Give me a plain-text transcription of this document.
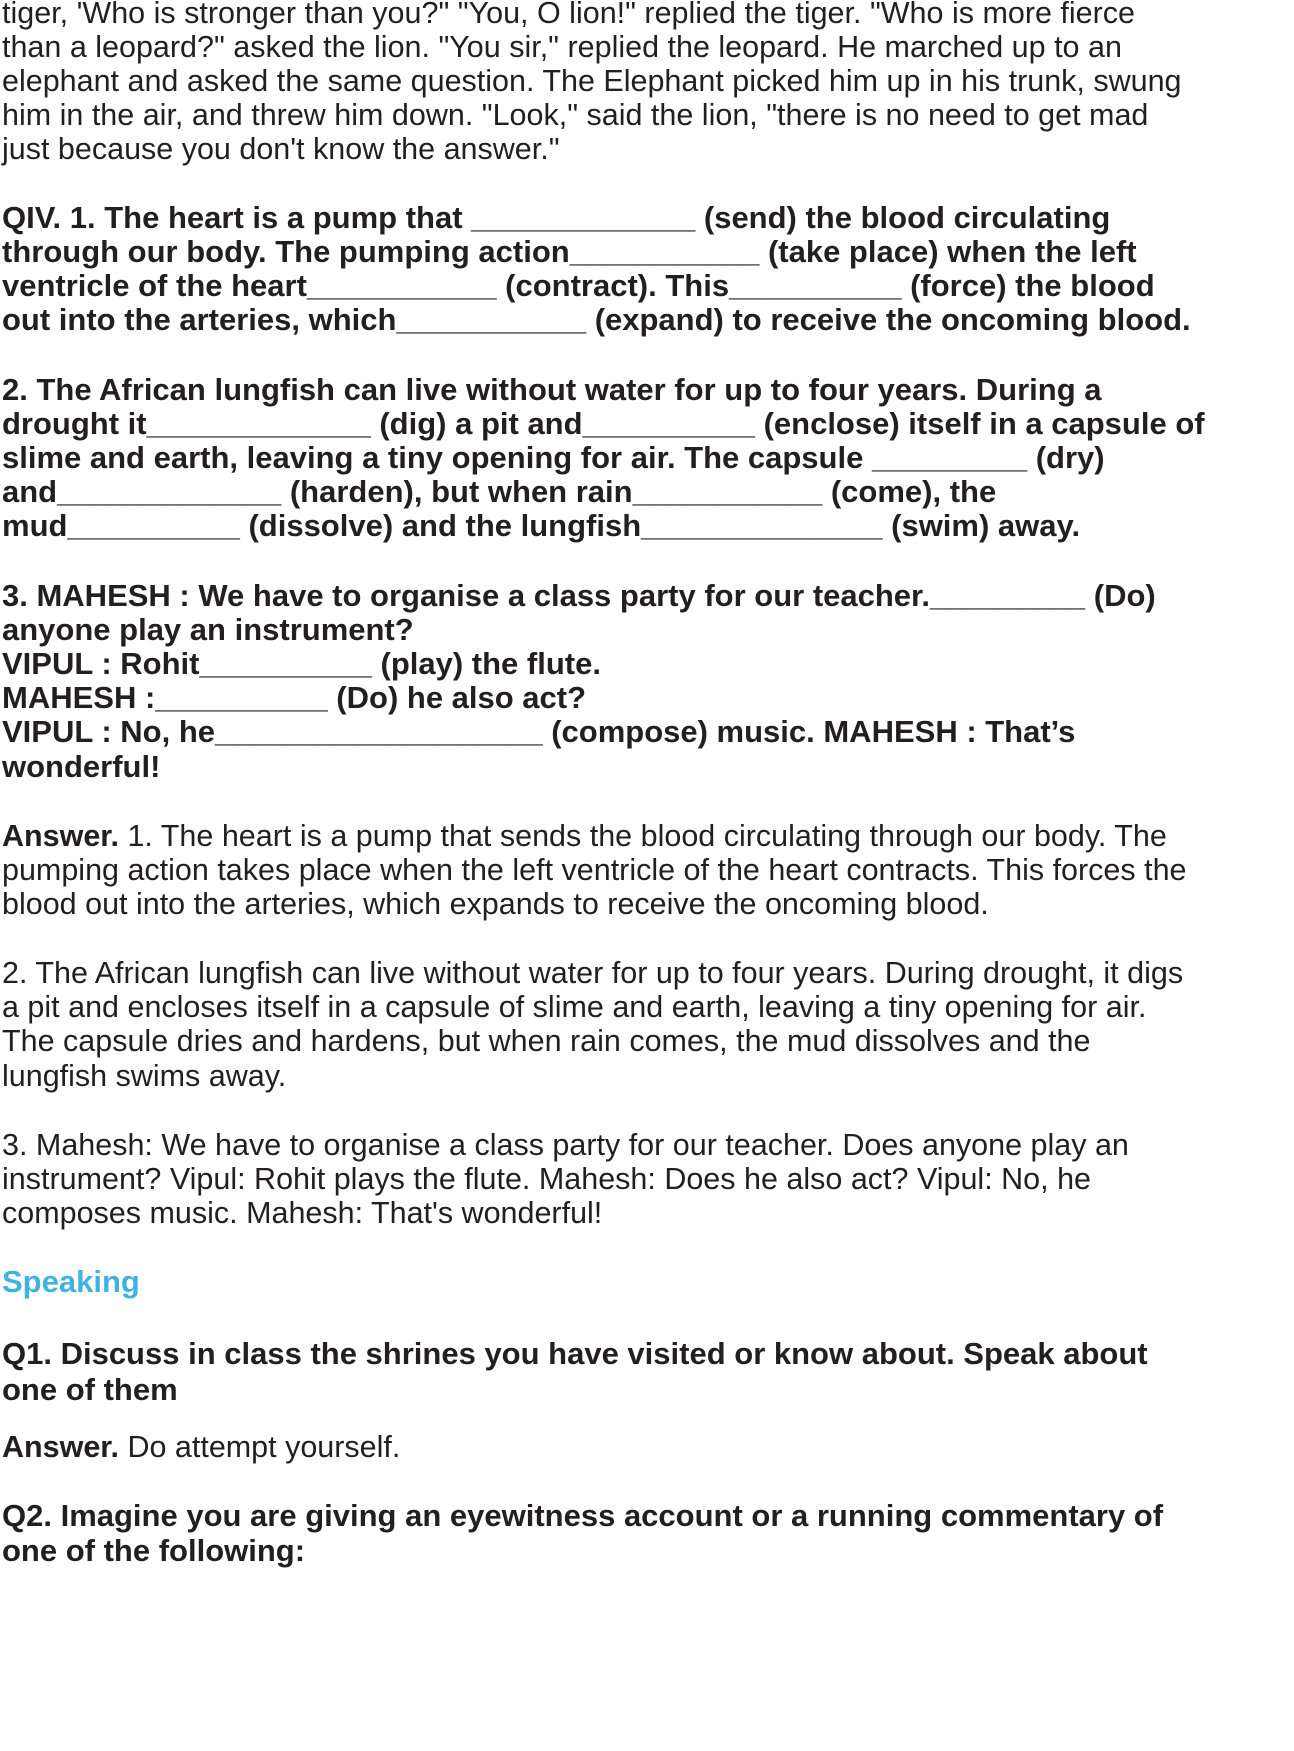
tiger, 'Who is stronger than you?" "You, O lion!" replied the tiger. "Who is more fierce
than a leopard?" asked the lion. "You sir," replied the leopard. He marched up to an
elephant and asked the same question. The Elephant picked him up in his trunk, swung
him in the air, and threw him down. "Look," said the lion, "there is no need to get mad
just because you don't know the answer."
QIV. 1. The heart is a pump that _____________ (send) the blood circulating
through our body. The pumping action___________ (take place) when the left
ventricle of the heart___________ (contract). This__________ (force) the blood
out into the arteries, which___________ (expand) to receive the oncoming blood.
2. The African lungfish can live without water for up to four years. During a
drought it_____________ (dig) a pit and__________ (enclose) itself in a capsule of
slime and earth, leaving a tiny opening for air. The capsule _________ (dry)
and_____________ (harden), but when rain___________ (come), the
mud__________ (dissolve) and the lungfish______________ (swim) away.
3. MAHESH : We have to organise a class party for our teacher._________ (Do)
anyone play an instrument?
VIPUL : Rohit__________ (play) the flute.
MAHESH :__________ (Do) he also act?
VIPUL : No, he___________________ (compose) music. MAHESH : That’s
wonderful!
Answer. 1. The heart is a pump that sends the blood circulating through our body. The
pumping action takes place when the left ventricle of the heart contracts. This forces the
blood out into the arteries, which expands to receive the oncoming blood.
2. The African lungfish can live without water for up to four years. During drought, it digs
a pit and encloses itself in a capsule of slime and earth, leaving a tiny opening for air.
The capsule dries and hardens, but when rain comes, the mud dissolves and the
lungfish swims away.
3. Mahesh: We have to organise a class party for our teacher. Does anyone play an
instrument? Vipul: Rohit plays the flute. Mahesh: Does he also act? Vipul: No, he
composes music. Mahesh: That's wonderful!
Speaking
Q1. Discuss in class the shrines you have visited or know about. Speak about
one of them
Answer. Do attempt yourself.
Q2. Imagine you are giving an eyewitness account or a running commentary of
one of the following:
